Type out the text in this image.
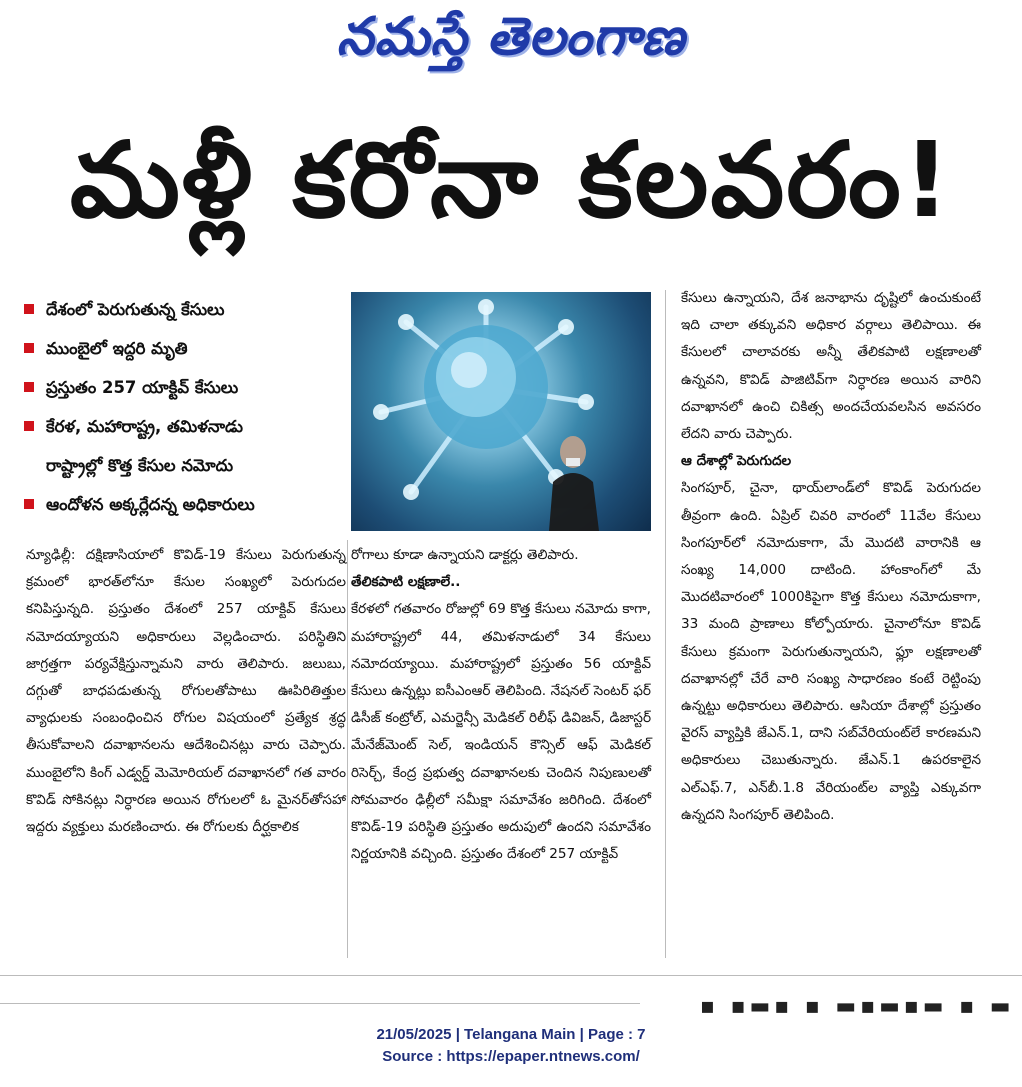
నమస్తే తెలంగాణ
మళ్లీ కరోనా కలవరం!
దేశంలో పెరుగుతున్న కేసులు
ముంబైలో ఇద్దరి మృతి
ప్రస్తుతం 257 యాక్టివ్ కేసులు
కేరళ, మహారాష్ట్ర, తమిళనాడు
రాష్ట్రాల్లో కొత్త కేసుల నమోదు
ఆందోళన అక్కర్లేదన్న అధికారులు

న్యూఢిల్లీ: దక్షిణాసియాలో కొవిడ్-19 కేసులు పెరుగుతున్న క్రమంలో భారత్‌లోనూ కేసుల సంఖ్యలో పెరుగుదల కనిపిస్తున్నది. ప్రస్తుతం దేశంలో 257 యాక్టివ్ కేసులు నమోదయ్యాయని అధికారులు వెల్లడించారు. పరిస్థితిని జాగ్రత్తగా పర్యవేక్షిస్తున్నామని వారు తెలిపారు. జలుబు, దగ్గుతో బాధపడుతున్న రోగులతోపాటు ఊపిరితిత్తుల వ్యాధులకు సంబంధించిన రోగుల విషయంలో ప్రత్యేక శ్రద్ధ తీసుకోవాలని దవాఖానలను ఆదేశించినట్లు వారు చెప్పారు. ముంబైలోని కింగ్ ఎడ్వర్డ్ మెమోరియల్ దవాఖానలో గత వారం కొవిడ్ సోకినట్లు నిర్ధారణ అయిన రోగులలో ఓ మైనర్‌తోసహా ఇద్దరు వ్యక్తులు మరణించారు. ఈ రోగులకు దీర్ఘకాలిక

రోగాలు కూడా ఉన్నాయని డాక్టర్లు తెలిపారు.

తేలికపాటి లక్షణాలే..

కేరళలో గతవారం రోజుల్లో 69 కొత్త కేసులు నమోదు కాగా, మహారాష్ట్రలో 44, తమిళనాడులో 34 కేసులు నమోదయ్యాయి. మహారాష్ట్రలో ప్రస్తుతం 56 యాక్టివ్ కేసులు ఉన్నట్లు ఐసీఎంఆర్ తెలిపింది. నేషనల్ సెంటర్ ఫర్ డిసీజ్ కంట్రోల్, ఎమర్జెన్సీ మెడికల్ రిలీఫ్ డివిజన్, డిజాస్టర్ మేనేజ్‌మెంట్ సెల్, ఇండియన్ కౌన్సిల్ ఆఫ్ మెడికల్ రిసెర్చ్, కేంద్ర ప్రభుత్వ దవాఖానలకు చెందిన నిపుణులతో సోమవారం ఢిల్లీలో సమీక్షా సమావేశం జరిగింది. దేశంలో కొవిడ్-19 పరిస్థితి ప్రస్తుతం అదుపులో ఉందని సమావేశం నిర్ణయానికి వచ్చింది. ప్రస్తుతం దేశంలో 257 యాక్టివ్

కేసులు ఉన్నాయని, దేశ జనాభాను దృష్టిలో ఉంచుకుంటే ఇది చాలా తక్కువని అధికార వర్గాలు తెలిపాయి. ఈ కేసులలో చాలావరకు అన్నీ తేలికపాటి లక్షణాలతో ఉన్నవని, కొవిడ్ పాజిటివ్‌గా నిర్ధారణ అయిన వారిని దవాఖానలో ఉంచి చికిత్స అందచేయవలసిన అవసరం లేదని వారు చెప్పారు.

ఆ దేశాల్లో పెరుగుదల

సింగపూర్, చైనా, థాయ్‌లాండ్‌లో కొవిడ్ పెరుగుదల తీవ్రంగా ఉంది. ఏప్రిల్ చివరి వారంలో 11వేల కేసులు సింగపూర్‌లో నమోదుకాగా, మే మొదటి వారానికి ఆ సంఖ్య 14,000 దాటింది. హాంకాంగ్‌లో మే మొదటివారంలో 1000కిపైగా కొత్త కేసులు నమోదుకాగా, 33 మంది ప్రాణాలు కోల్పోయారు. చైనాలోనూ కొవిడ్ కేసులు క్రమంగా పెరుగుతున్నాయని, ఫ్లూ లక్షణాలతో దవాఖానల్లో చేరే వారి సంఖ్య సాధారణం కంటే రెట్టింపు ఉన్నట్టు అధికారులు తెలిపారు. ఆసియా దేశాల్లో ప్రస్తుతం వైరస్ వ్యాప్తికి జేఎన్.1, దాని సబ్‌వేరియంట్‌లే కారణమని అధికారులు చెబుతున్నారు. జేఎన్.1 ఉపరకాలైన ఎల్ఎఫ్.7, ఎన్‌బీ.1.8 వేరియంట్‌ల వ్యాప్తి ఎక్కువగా ఉన్నదని సింగపూర్ తెలిపింది.

▪ ▪▬▪ ▪ ▬▪▬▪▬ ▪ ▬
21/05/2025 | Telangana Main | Page : 7
Source : https://epaper.ntnews.com/
